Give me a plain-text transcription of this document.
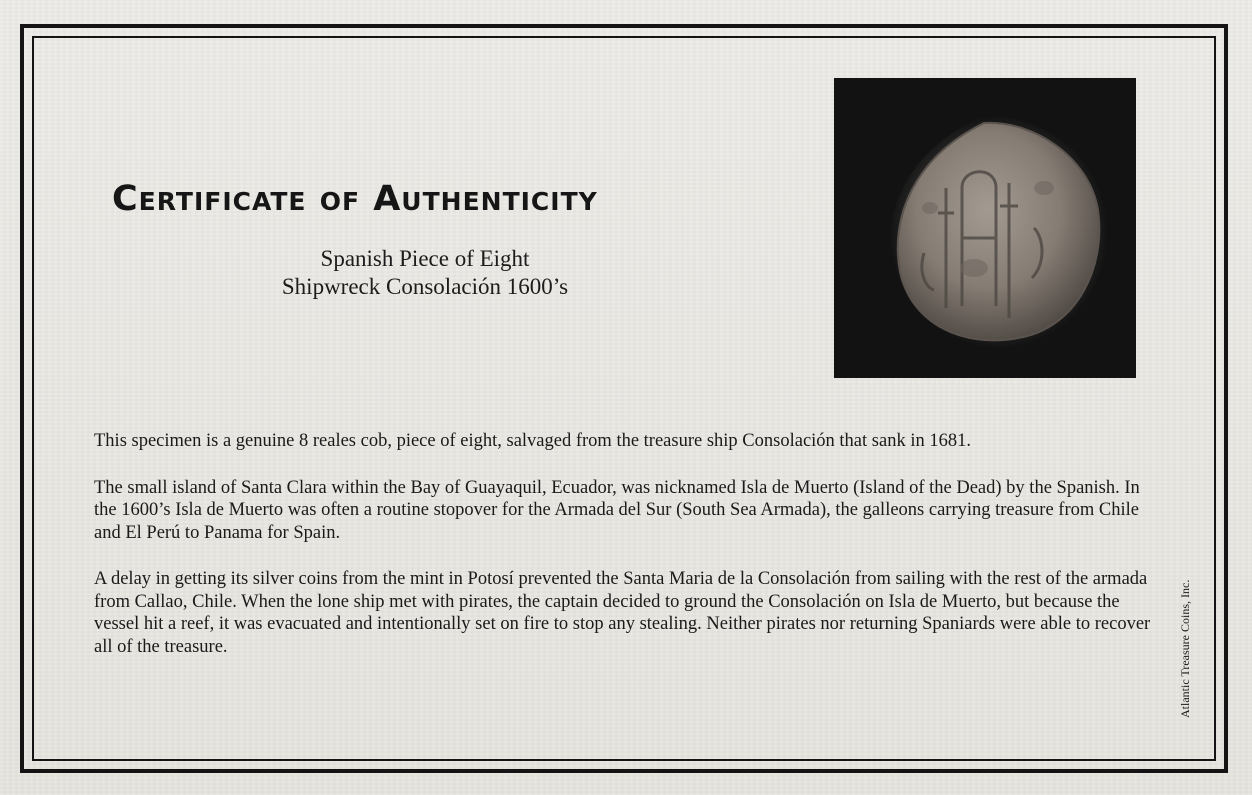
Certificate of Authenticity
Spanish Piece of Eight
Shipwreck Consolación 1600’s

This specimen is a genuine 8 reales cob, piece of eight, salvaged from the treasure ship Consolación that sank in 1681.

The small island of Santa Clara within the Bay of Guayaquil, Ecuador, was nicknamed Isla de Muerto (Island of the Dead) by the Spanish. In the 1600’s Isla de Muerto was often a routine stopover for the Armada del Sur (South Sea Armada), the galleons carrying treasure from Chile and El Perú to Panama for Spain.

A delay in getting its silver coins from the mint in Potosí prevented the Santa Maria de la Consolación from sailing with the rest of the armada from Callao, Chile. When the lone ship met with pirates, the captain decided to ground the Consolación on Isla de Muerto, but because the vessel hit a reef, it was evacuated and intentionally set on fire to stop any stealing. Neither pirates nor returning Spaniards were able to recover all of the treasure.	Atlantic Treasure Coins, Inc.
